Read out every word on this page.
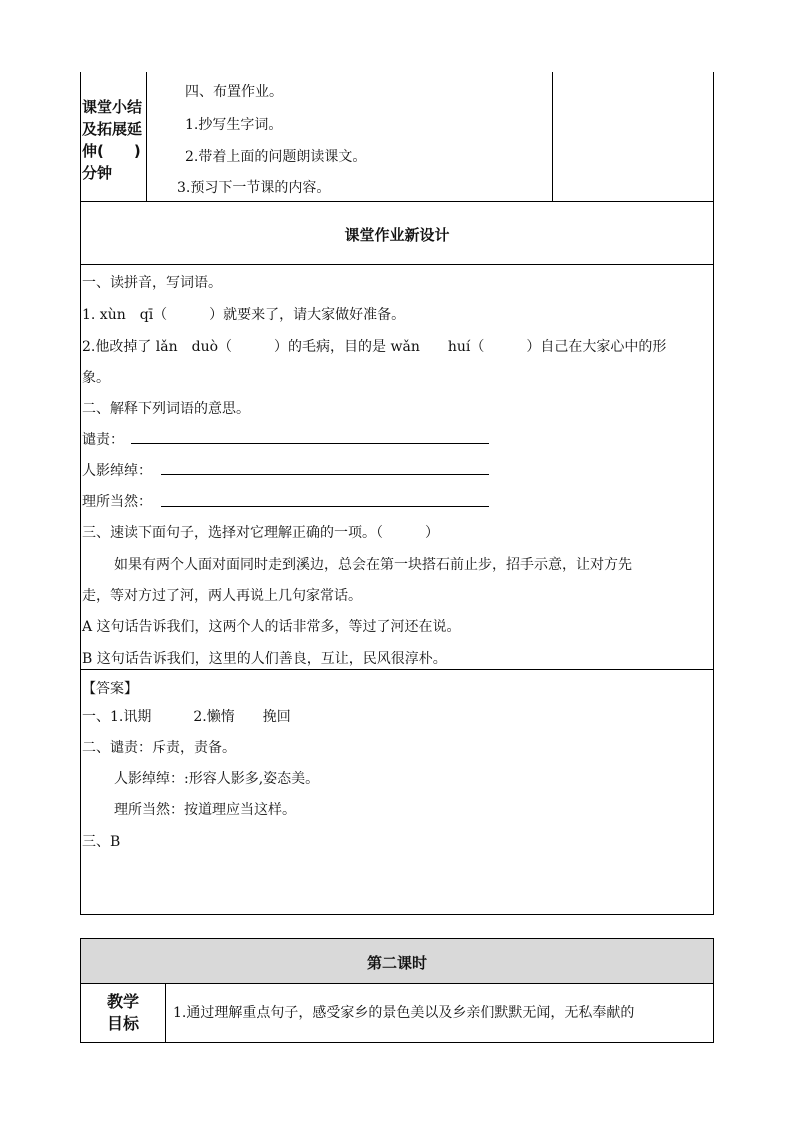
课堂小结
及拓展延
伸(　　)
分钟
四、布置作业。
1.抄写生字词。
2.带着上面的问题朗读课文。
3.预习下一节课的内容。
课堂作业新设计
一、读拼音，写词语。
1. xùn　qī（　　　）就要来了，请大家做好准备。
2.他改掉了 lǎn　duò（　　　）的毛病，目的是 wǎn　　huí（　　　）自己在大家心中的形
象。
二、解释下列词语的意思。
谴责：
人影绰绰：
理所当然：
三、速读下面句子，选择对它理解正确的一项。（　　　）
如果有两个人面对面同时走到溪边，总会在第一块搭石前止步，招手示意，让对方先
走，等对方过了河，两人再说上几句家常话。
A 这句话告诉我们，这两个人的话非常多，等过了河还在说。
B 这句话告诉我们，这里的人们善良，互让，民风很淳朴。
【答案】
一、1.讯期　　　2.懒惰　　挽回
二、谴责：斥责，责备。
人影绰绰：:形容人影多,姿态美。
理所当然：按道理应当这样。
三、B
第二课时
教学
目标
1.通过理解重点句子，感受家乡的景色美以及乡亲们默默无闻，无私奉献的
